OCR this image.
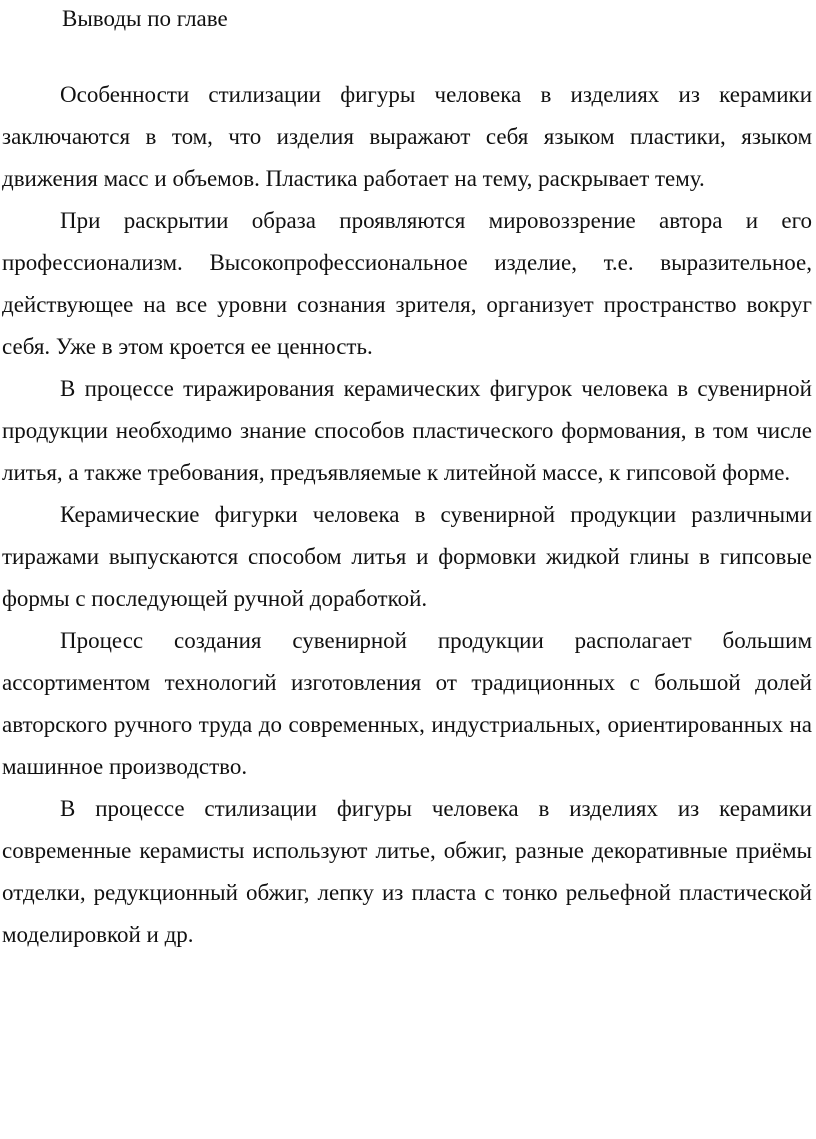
Выводы по главе

Особенности стилизации фигуры человека в изделиях из керамики заключаются в том, что изделия выражают себя языком пластики, языком движения масс и объемов. Пластика работает на тему, раскрывает тему.

При раскрытии образа проявляются мировоззрение автора и его профессионализм. Высокопрофессиональное изделие, т.е. выразительное, действующее на все уровни сознания зрителя, организует пространство вокруг себя. Уже в этом кроется ее ценность.

В процессе тиражирования керамических фигурок человека в сувенирной продукции необходимо знание способов пластического формования, в том числе литья, а также требования, предъявляемые к литейной массе, к гипсовой форме.

Керамические фигурки человека в сувенирной продукции различными тиражами выпускаются способом литья и формовки жидкой глины в гипсовые формы с последующей ручной доработкой.

Процесс создания сувенирной продукции располагает большим ассортиментом технологий изготовления от традиционных с большой долей авторского ручного труда до современных, индустриальных, ориентированных на машинное производство.

В процессе стилизации фигуры человека в изделиях из керамики современные керамисты используют литье, обжиг, разные декоративные приёмы отделки, редукционный обжиг, лепку из пласта с тонко рельефной пластической моделировкой и др.
